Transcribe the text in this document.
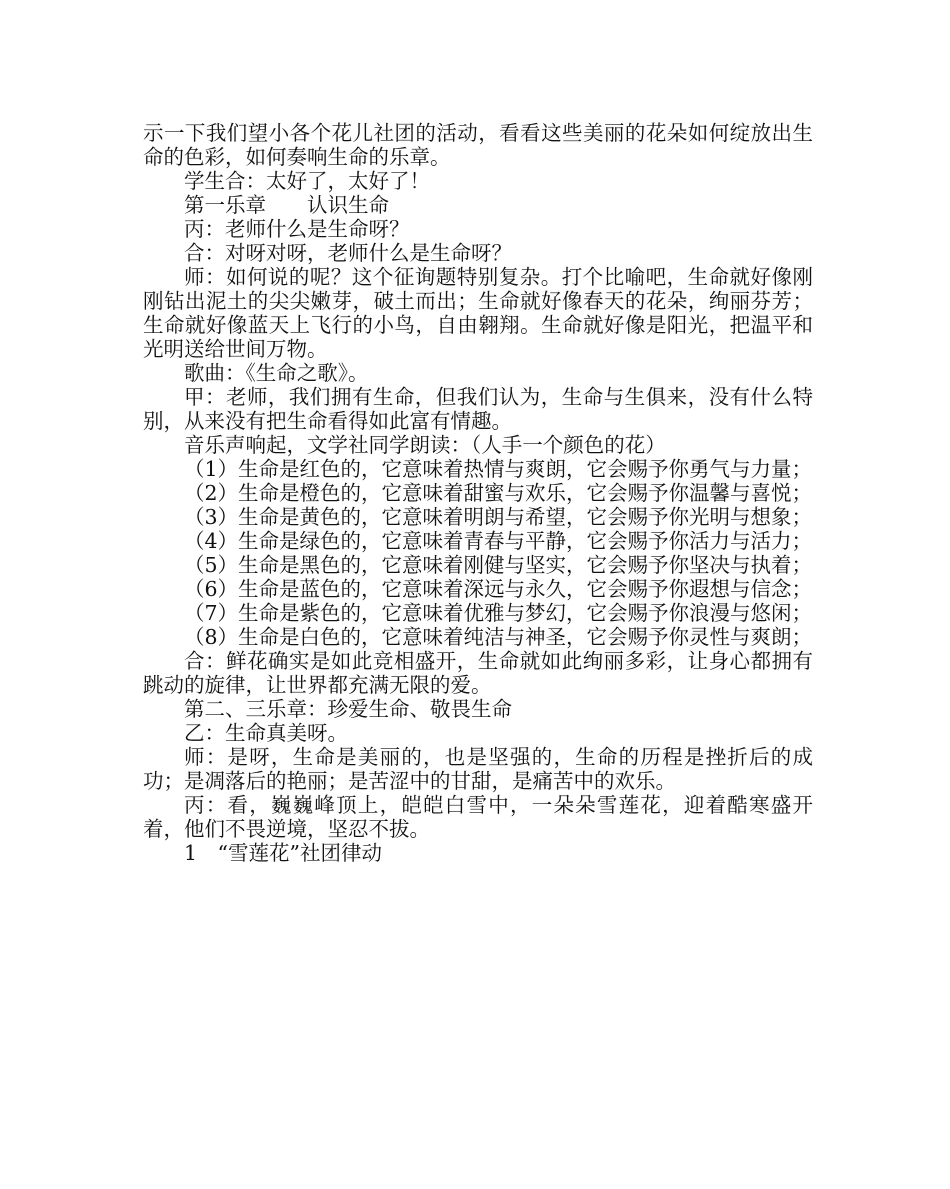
示一下我们望小各个花儿社团的活动，看看这些美丽的花朵如何绽放出生命的色彩，如何奏响生命的乐章。

学生合：太好了，太好了！

第一乐章　　认识生命

丙：老师什么是生命呀？

合：对呀对呀，老师什么是生命呀？

师：如何说的呢？这个征询题特别复杂。打个比喻吧，生命就好像刚刚钻出泥土的尖尖嫩芽，破土而出；生命就好像春天的花朵，绚丽芬芳；生命就好像蓝天上飞行的小鸟，自由翱翔。生命就好像是阳光，把温平和光明送给世间万物。

歌曲：《生命之歌》。

甲：老师，我们拥有生命，但我们认为，生命与生俱来，没有什么特别，从来没有把生命看得如此富有情趣。

音乐声响起，文学社同学朗读：（人手一个颜色的花）

（1）生命是红色的，它意味着热情与爽朗，它会赐予你勇气与力量；

（2）生命是橙色的，它意味着甜蜜与欢乐，它会赐予你温馨与喜悦；

（3）生命是黄色的，它意味着明朗与希望，它会赐予你光明与想象；

（4）生命是绿色的，它意味着青春与平静，它会赐予你活力与活力；

（5）生命是黑色的，它意味着刚健与坚实，它会赐予你坚决与执着；

（6）生命是蓝色的，它意味着深远与永久，它会赐予你遐想与信念；

（7）生命是紫色的，它意味着优雅与梦幻，它会赐予你浪漫与悠闲；

（8）生命是白色的，它意味着纯洁与神圣，它会赐予你灵性与爽朗；

合：鲜花确实是如此竞相盛开，生命就如此绚丽多彩，让身心都拥有跳动的旋律，让世界都充满无限的爱。

第二、三乐章：珍爱生命、敬畏生命

乙：生命真美呀。

师：是呀，生命是美丽的，也是坚强的，生命的历程是挫折后的成功；是凋落后的艳丽；是苦涩中的甘甜，是痛苦中的欢乐。

丙：看，巍巍峰顶上，皑皑白雪中，一朵朵雪莲花，迎着酷寒盛开着，他们不畏逆境，坚忍不拔。

1　“雪莲花”社团律动
